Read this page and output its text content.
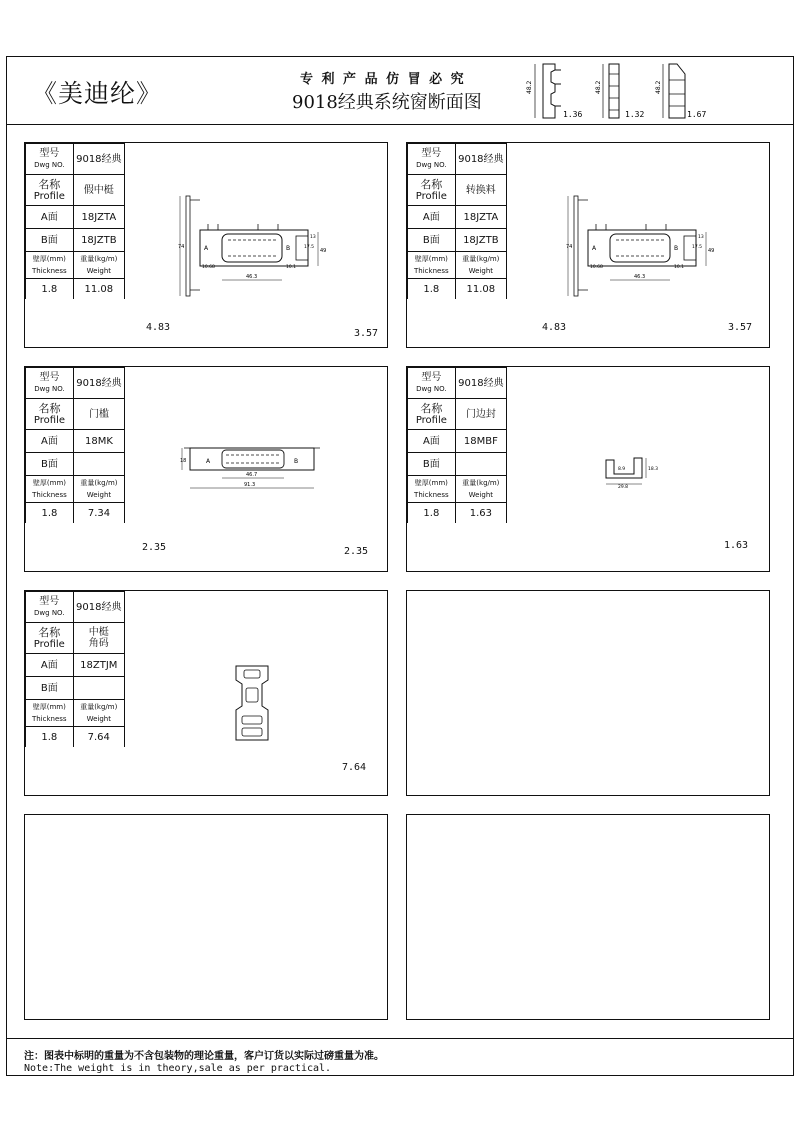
《美迪纶》	专 利 产 品 仿 冒 必 究
9018经典系统窗断面图
48.2
1.36
48.2
1.32
48.2
1.67
型号
Dwg NO.	9018经典
名称
Profile	假中梃
A面	18JZTA
B面	18JZTB
壁厚(mm)
Thickness	重量(kg/m)
Weight
1.8	11.08
型号
Dwg NO.	9018经典
名称
Profile	转换料
A面	18JZTA
B面	18JZTB
壁厚(mm)
Thickness	重量(kg/m)
Weight
1.8	11.08
型号
Dwg NO.	9018经典
名称
Profile	门槛
A面	18MK
B面	
壁厚(mm)
Thickness	重量(kg/m)
Weight
1.8	7.34
型号
Dwg NO.	9018经典
名称
Profile	门边封
A面	18MBF
B面	
壁厚(mm)
Thickness	重量(kg/m)
Weight
1.8	1.63
型号
Dwg NO.	9018经典
名称
Profile	中梃
角码
A面	18ZTJM
B面	
壁厚(mm)
Thickness	重量(kg/m)
Weight
1.8	7.64
注：图表中标明的重量为不含包装物的理论重量，客户订货以实际过磅重量为准。
Note:The weight is in theory,sale as per practical.
4.83
3.57
4.83	3.57
2.35	2.35
1.63
7.64
74
49
46.3
10.68	10.1
A	B	17.5
13
74
49
46.3
10.68	10.1
A	B	17.5
13
18
46.7
91.3
A	B
18.3
29.8
8.9
